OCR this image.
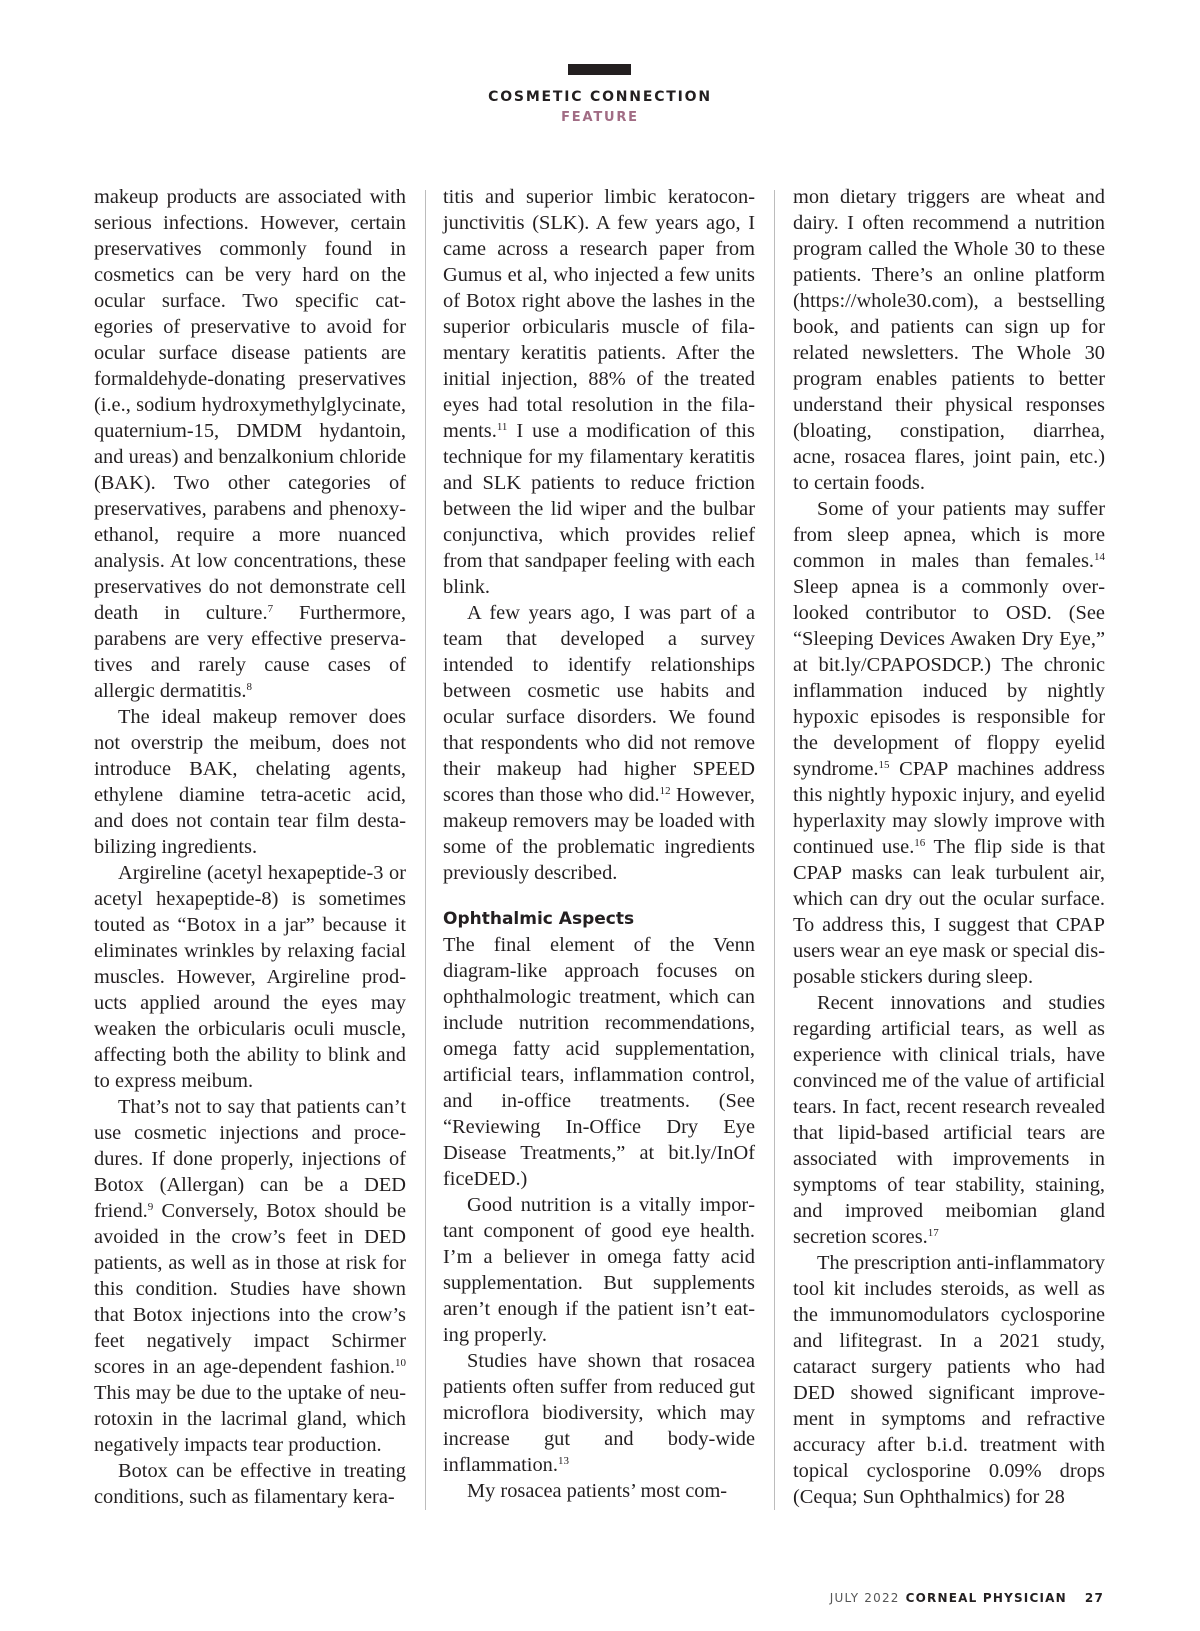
COSMETIC CONNECTION
FEATURE

makeup products are associated with serious infections. However, certain preservatives commonly found in cosmetics can be very hard on the ocular surface. Two specific categories of preservative to avoid for ocular surface disease patients are formaldehyde-donating preservatives (i.e., sodium hydroxymethylglycinate, quaternium-15, DMDM hydantoin, and ureas) and benzalkonium chloride (BAK). Two other categories of preservatives, parabens and phenoxyethanol, require a more nuanced analysis. At low concentrations, these preservatives do not demonstrate cell death in culture.$^7$ Furthermore, parabens are very effective preservatives and rarely cause cases of allergic dermatitis.$^8$

The ideal makeup remover does not overstrip the meibum, does not introduce BAK, chelating agents, ethylene diamine tetra-acetic acid, and does not contain tear film destabilizing ingredients.

Argireline (acetyl hexapeptide-3 or acetyl hexapeptide-8) is sometimes touted as “Botox in a jar” because it eliminates wrinkles by relaxing facial muscles. However, Argireline products applied around the eyes may weaken the orbicularis oculi muscle, affecting both the ability to blink and to express meibum.

That’s not to say that patients can’t use cosmetic injections and procedures. If done properly, injections of Botox (Allergan) can be a DED friend.$^9$ Conversely, Botox should be avoided in the crow’s feet in DED patients, as well as in those at risk for this condition. Studies have shown that Botox injections into the crow’s feet negatively impact Schirmer scores in an age-dependent fashion.$^{10}$ This may be due to the uptake of neurotoxin in the lacrimal gland, which negatively impacts tear production.

Botox can be effective in treating conditions, such as filamentary kera-

titis and superior limbic keratoconjunctivitis (SLK). A few years ago, I came across a research paper from Gumus et al, who injected a few units of Botox right above the lashes in the superior orbicularis muscle of filamentary keratitis patients. After the initial injection, 88% of the treated eyes had total resolution in the filaments.$^{11}$ I use a modification of this technique for my filamentary keratitis and SLK patients to reduce friction between the lid wiper and the bulbar conjunctiva, which provides relief from that sandpaper feeling with each blink.

A few years ago, I was part of a team that developed a survey intended to identify relationships between cosmetic use habits and ocular surface disorders. We found that respondents who did not remove their makeup had higher SPEED scores than those who did.$^{12}$ However, makeup removers may be loaded with some of the problematic ingredients previously described.

Ophthalmic Aspects

The final element of the Venn diagram-like approach focuses on ophthalmologic treatment, which can include nutrition recommendations, omega fatty acid supplementation, artificial tears, inflammation control, and in-office treatments. (See “Reviewing In-Office Dry Eye Disease Treatments,” at bit.ly/InOf ficeDED.)

Good nutrition is a vitally important component of good eye health. I’m a believer in omega fatty acid supplementation. But supplements aren’t enough if the patient isn’t eating properly.

Studies have shown that rosacea patients often suffer from reduced gut microflora biodiversity, which may increase gut and body-wide inflammation.$^{13}$

My rosacea patients’ most com-

mon dietary triggers are wheat and dairy. I often recommend a nutrition program called the Whole 30 to these patients. There’s an online platform (https://whole30.com), a bestselling book, and patients can sign up for related newsletters. The Whole 30 program enables patients to better understand their physical responses (bloating, constipation, diarrhea, acne, rosacea flares, joint pain, etc.) to certain foods.

Some of your patients may suffer from sleep apnea, which is more common in males than females.$^{14}$ Sleep apnea is a commonly overlooked contributor to OSD. (See “Sleeping Devices Awaken Dry Eye,” at bit.ly/CPAPOSDCP.) The chronic inflammation induced by nightly hypoxic episodes is responsible for the development of floppy eyelid syndrome.$^{15}$ CPAP machines address this nightly hypoxic injury, and eyelid hyperlaxity may slowly improve with continued use.$^{16}$ The flip side is that CPAP masks can leak turbulent air, which can dry out the ocular surface. To address this, I suggest that CPAP users wear an eye mask or special disposable stickers during sleep.

Recent innovations and studies regarding artificial tears, as well as experience with clinical trials, have convinced me of the value of artificial tears. In fact, recent research revealed that lipid-based artificial tears are associated with improvements in symptoms of tear stability, staining, and improved meibomian gland secretion scores.$^{17}$

The prescription anti-inflammatory tool kit includes steroids, as well as the immunomodulators cyclosporine and lifitegrast. In a 2021 study, cataract surgery patients who had DED showed significant improvement in symptoms and refractive accuracy after b.i.d. treatment with topical cyclosporine 0.09% drops (Cequa; Sun Ophthalmics) for 28

JULY 2022 CORNEAL PHYSICIAN 27
